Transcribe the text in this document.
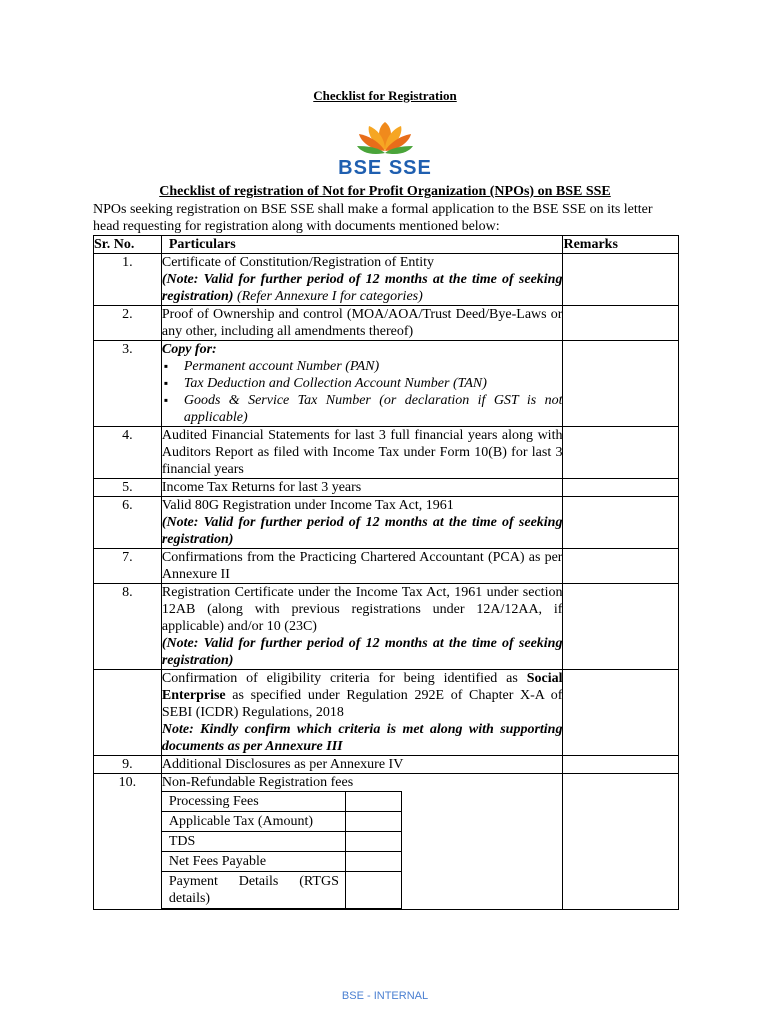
Checklist for Registration
BSE SSE
Checklist of registration of Not for Profit Organization (NPOs) on BSE SSE
NPOs seeking registration on BSE SSE shall make a formal application to the BSE SSE on its letter head requesting for registration along with documents mentioned below:
Sr. No.	Particulars	Remarks
1.	Certificate of Constitution/Registration of Entity
(Note: Valid for further period of 12 months at the time of seeking registration) (Refer Annexure I for categories)	
2.	Proof of Ownership and control (MOA/AOA/Trust Deed/Bye-Laws or any other, including all amendments thereof)	
3.	Copy for:
▪ Permanent account Number (PAN)
▪ Tax Deduction and Collection Account Number (TAN)
▪ Goods & Service Tax Number (or declaration if GST is not applicable)

4.	Audited Financial Statements for last 3 full financial years along with Auditors Report as filed with Income Tax under Form 10(B) for last 3 financial years	
5.	Income Tax Returns for last 3 years	
6.	Valid 80G Registration under Income Tax Act, 1961
(Note: Valid for further period of 12 months at the time of seeking registration)

7.	Confirmations from the Practicing Chartered Accountant (PCA) as per Annexure II	
8.	Registration Certificate under the Income Tax Act, 1961 under section 12AB (along with previous registrations under 12A/12AA, if applicable) and/or 10 (23C)
(Note: Valid for further period of 12 months at the time of seeking registration)

	Confirmation of eligibility criteria for being identified as Social Enterprise as specified under Regulation 292E of Chapter X-A of SEBI (ICDR) Regulations, 2018
Note: Kindly confirm which criteria is met along with supporting documents as per Annexure III

9.	Additional Disclosures as per Annexure IV	
10.	Non-Refundable Registration fees
Processing Fees	
Applicable Tax (Amount)	
TDS	
Net Fees Payable	
Payment Details (RTGS details)	

BSE - INTERNAL
